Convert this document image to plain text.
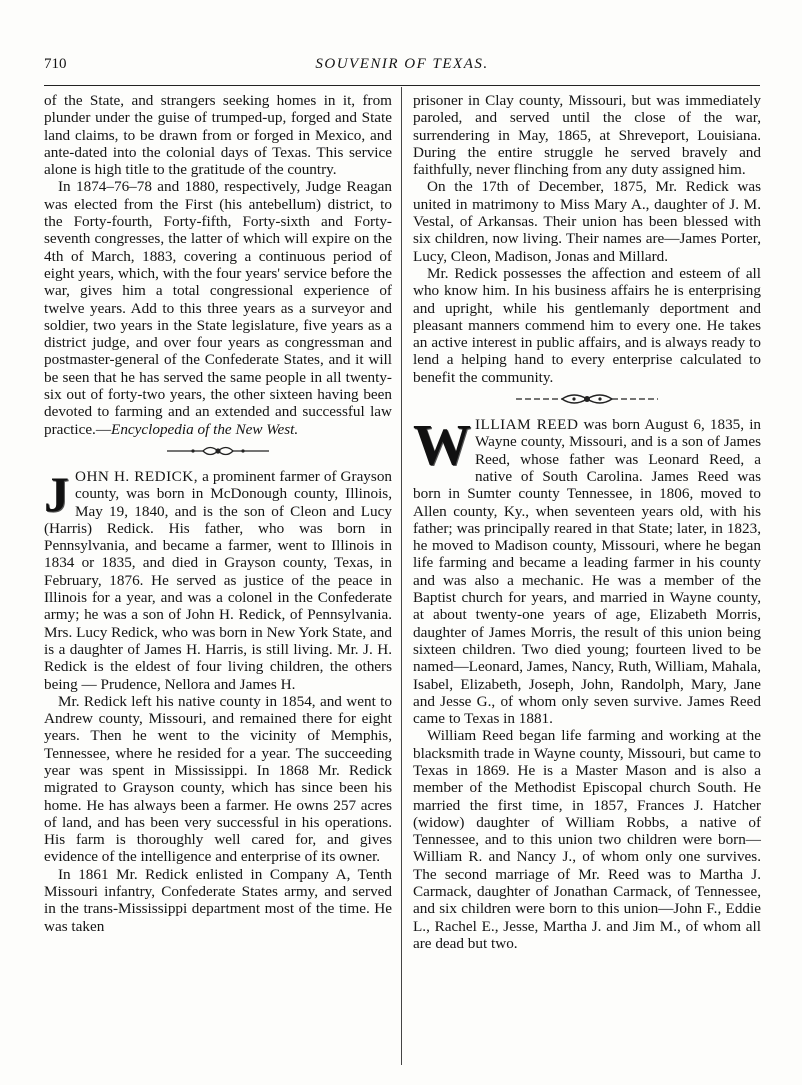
710	SOUVENIR OF TEXAS.

of the State, and strangers seeking homes in it, from plunder under the guise of trumped-up, forged and State land claims, to be drawn from or forged in Mexico, and ante-dated into the colonial days of Texas. This service alone is high title to the gratitude of the country.

In 1874–76–78 and 1880, respectively, Judge Reagan was elected from the First (his antebellum) district, to the Forty-fourth, Forty-fifth, Forty-sixth and Forty-seventh congresses, the latter of which will expire on the 4th of March, 1883, covering a continuous period of eight years, which, with the four years' service before the war, gives him a total congressional experience of twelve years. Add to this three years as a surveyor and soldier, two years in the State legislature, five years as a district judge, and over four years as congressman and postmaster-general of the Confederate States, and it will be seen that he has served the same people in all twenty-six out of forty-two years, the other sixteen having been devoted to farming and an extended and successful law practice.—Encyclopedia of the New West.

JOHN H. REDICK, a prominent farmer of Grayson county, was born in McDonough county, Illinois, May 19, 1840, and is the son of Cleon and Lucy (Harris) Redick. His father, who was born in Pennsylvania, and became a farmer, went to Illinois in 1834 or 1835, and died in Grayson county, Texas, in February, 1876. He served as justice of the peace in Illinois for a year, and was a colonel in the Confederate army; he was a son of John H. Redick, of Pennsylvania. Mrs. Lucy Redick, who was born in New York State, and is a daughter of James H. Harris, is still living. Mr. J. H. Redick is the eldest of four living children, the others being — Prudence, Nellora and James H.

Mr. Redick left his native county in 1854, and went to Andrew county, Missouri, and remained there for eight years. Then he went to the vicinity of Memphis, Tennessee, where he resided for a year. The succeeding year was spent in Mississippi. In 1868 Mr. Redick migrated to Grayson county, which has since been his home. He has always been a farmer. He owns 257 acres of land, and has been very successful in his operations. His farm is thoroughly well cared for, and gives evidence of the intelligence and enterprise of its owner.

In 1861 Mr. Redick enlisted in Company A, Tenth Missouri infantry, Confederate States army, and served in the trans-Mississippi department most of the time. He was taken

prisoner in Clay county, Missouri, but was immediately paroled, and served until the close of the war, surrendering in May, 1865, at Shreveport, Louisiana. During the entire struggle he served bravely and faithfully, never flinching from any duty assigned him.

On the 17th of December, 1875, Mr. Redick was united in matrimony to Miss Mary A., daughter of J. M. Vestal, of Arkansas. Their union has been blessed with six children, now living. Their names are—James Porter, Lucy, Cleon, Madison, Jonas and Millard.

Mr. Redick possesses the affection and esteem of all who know him. In his business affairs he is enterprising and upright, while his gentlemanly deportment and pleasant manners commend him to every one. He takes an active interest in public affairs, and is always ready to lend a helping hand to every enterprise calculated to benefit the community.

WILLIAM REED was born August 6, 1835, in Wayne county, Missouri, and is a son of James Reed, whose father was Leonard Reed, a native of South Carolina. James Reed was born in Sumter county Tennessee, in 1806, moved to Allen county, Ky., when seventeen years old, with his father; was principally reared in that State; later, in 1823, he moved to Madison county, Missouri, where he began life farming and became a leading farmer in his county and was also a mechanic. He was a member of the Baptist church for years, and married in Wayne county, at about twenty-one years of age, Elizabeth Morris, daughter of James Morris, the result of this union being sixteen children. Two died young; fourteen lived to be named—Leonard, James, Nancy, Ruth, William, Mahala, Isabel, Elizabeth, Joseph, John, Randolph, Mary, Jane and Jesse G., of whom only seven survive. James Reed came to Texas in 1881.

William Reed began life farming and working at the blacksmith trade in Wayne county, Missouri, but came to Texas in 1869. He is a Master Mason and is also a member of the Methodist Episcopal church South. He married the first time, in 1857, Frances J. Hatcher (widow) daughter of William Robbs, a native of Tennessee, and to this union two children were born—William R. and Nancy J., of whom only one survives. The second marriage of Mr. Reed was to Martha J. Carmack, daughter of Jonathan Carmack, of Tennessee, and six children were born to this union—John F., Eddie L., Rachel E., Jesse, Martha J. and Jim M., of whom all are dead but two.
